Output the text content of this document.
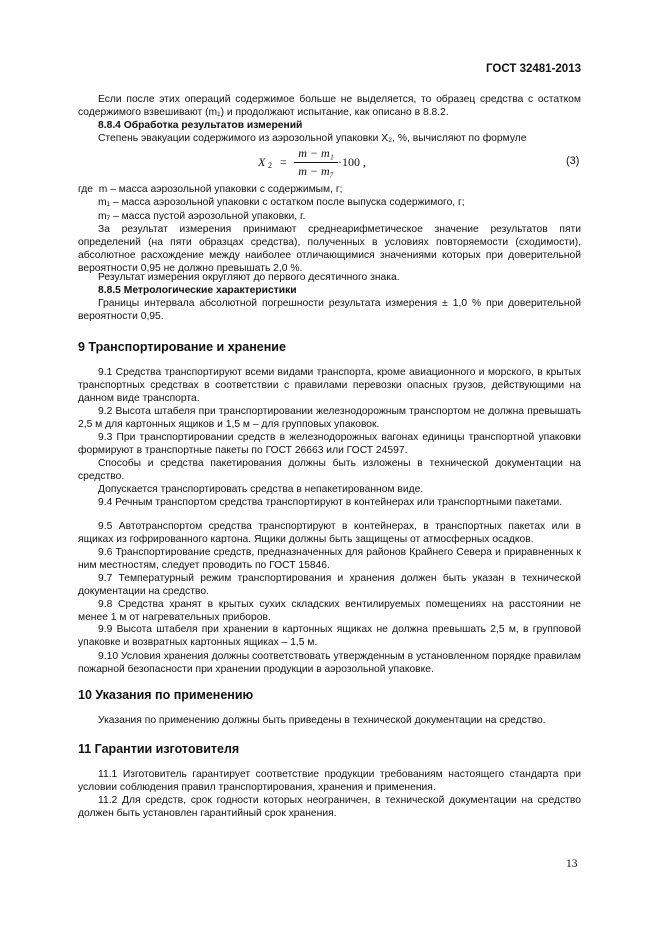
ГОСТ 32481-2013

Если после этих операций содержимое больше не выделяется, то образец средства с остатком содержимого взвешивают (m₁) и продолжают испытание, как описано в 8.8.2.

8.8.4 Обработка результатов измерений

Степень эвакуации содержимого из аэрозольной упаковки X₂, %, вычисляют по формуле

X 2 =
m − m₁
m − m₇
·100 ,	(3)

где m – масса аэрозольной упаковки с содержимым, г;

m₁ – масса аэрозольной упаковки с остатком после выпуска содержимого, г;

m₇ – масса пустой аэрозольной упаковки, г.

За результат измерения принимают среднеарифметическое значение результатов пяти определений (на пяти образцах средства), полученных в условиях повторяемости (сходимости), абсолютное расхождение между наиболее отличающимися значениями которых при доверительной вероятности 0,95 не должно превышать 2,0 %.

Результат измерения округляют до первого десятичного знака.

8.8.5 Метрологические характеристики

Границы интервала абсолютной погрешности результата измерения ± 1,0 % при доверительной вероятности 0,95.

9 Транспортирование и хранение

9.1 Средства транспортируют всеми видами транспорта, кроме авиационного и морского, в крытых транспортных средствах в соответствии с правилами перевозки опасных грузов, действующими на данном виде транспорта.

9.2 Высота штабеля при транспортировании железнодорожным транспортом не должна превышать 2,5 м для картонных ящиков и 1,5 м – для групповых упаковок.

9.3 При транспортировании средств в железнодорожных вагонах единицы транспортной упаковки формируют в транспортные пакеты по ГОСТ 26663 или ГОСТ 24597.

Способы и средства пакетирования должны быть изложены в технической документации на средство.

Допускается транспортировать средства в непакетированном виде.

9.4 Речным транспортом средства транспортируют в контейнерах или транспортными пакетами.

9.5 Автотранспортом средства транспортируют в контейнерах, в транспортных пакетах или в ящиках из гофрированного картона. Ящики должны быть защищены от атмосферных осадков.

9.6 Транспортирование средств, предназначенных для районов Крайнего Севера и приравненных к ним местностям, следует проводить по ГОСТ 15846.

9.7 Температурный режим транспортирования и хранения должен быть указан в технической документации на средство.

9.8 Средства хранят в крытых сухих складских вентилируемых помещениях на расстоянии не менее 1 м от нагревательных приборов.

9.9 Высота штабеля при хранении в картонных ящиках не должна превышать 2,5 м, в групповой упаковке и возвратных картонных ящиках – 1,5 м.

9.10 Условия хранения должны соответствовать утвержденным в установленном порядке правилам пожарной безопасности при хранении продукции в аэрозольной упаковке.

10 Указания по применению

Указания по применению должны быть приведены в технической документации на средство.

11 Гарантии изготовителя

11.1 Изготовитель гарантирует соответствие продукции требованиям настоящего стандарта при условии соблюдения правил транспортирования, хранения и применения.

11.2 Для средств, срок годности которых неограничен, в технической документации на средство должен быть установлен гарантийный срок хранения.

13
